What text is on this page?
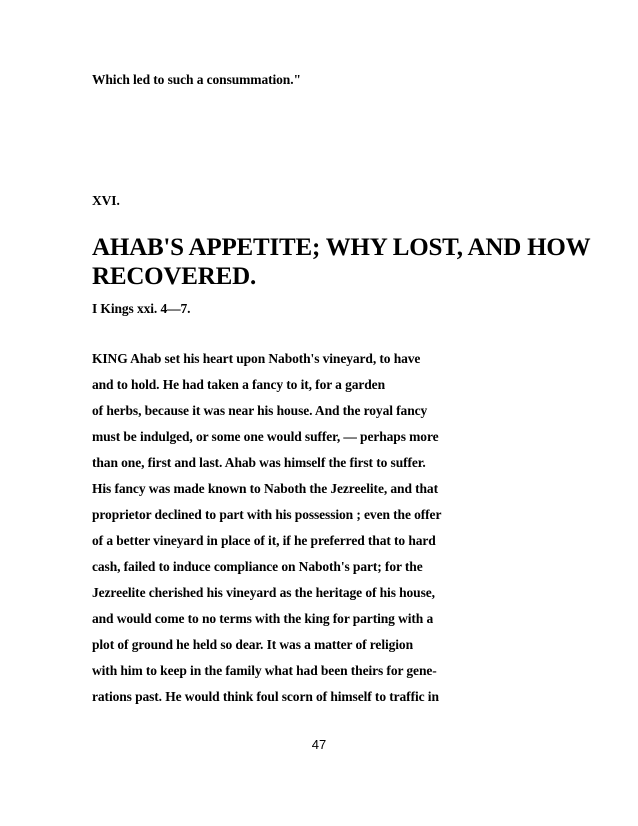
Which led to such a consummation."
XVI.
AHAB'S APPETITE; WHY LOST, AND HOW
RECOVERED.
I Kings xxi. 4—7.
KING Ahab set his heart upon Naboth's vineyard, to have
and to hold. He had taken a fancy to it, for a garden
of herbs, because it was near his house. And the royal fancy
must be indulged, or some one would suffer, — perhaps more
than one, first and last. Ahab was himself the first to suffer.
His fancy was made known to Naboth the Jezreelite, and that
proprietor declined to part with his possession ; even the offer
of a better vineyard in place of it, if he preferred that to hard
cash, failed to induce compliance on Naboth's part; for the
Jezreelite cherished his vineyard as the heritage of his house,
and would come to no terms with the king for parting with a
plot of ground he held so dear. It was a matter of religion
with him to keep in the family what had been theirs for gene-
rations past. He would think foul scorn of himself to traffic in
47
